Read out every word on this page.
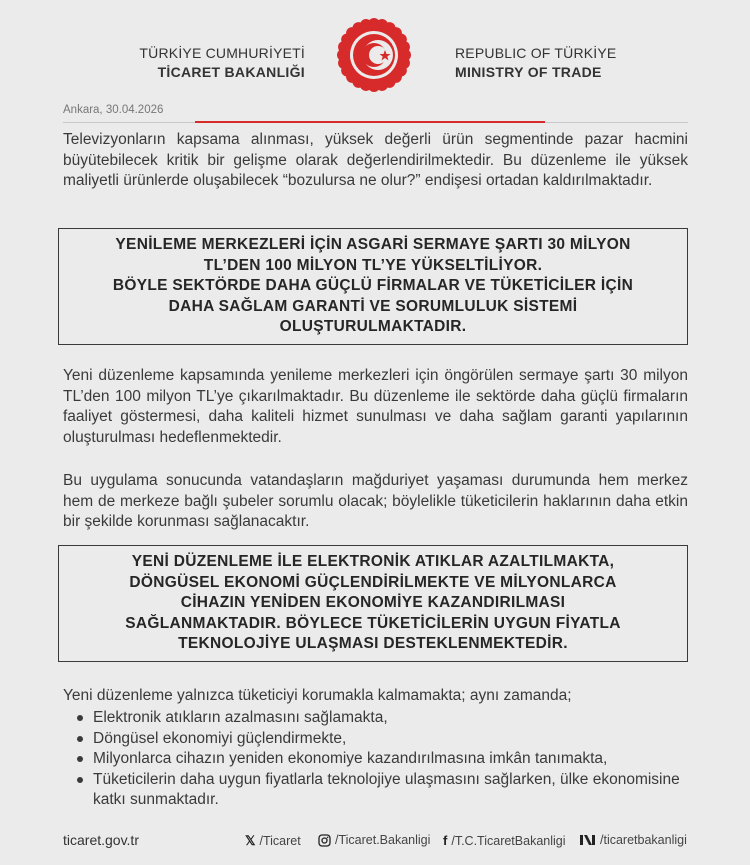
TÜRKİYE CUMHURİYETİ
TİCARET BAKANLIĞI
REPUBLIC OF TÜRKİYE
MINISTRY OF TRADE
Ankara, 30.04.2026
Televizyonların kapsama alınması, yüksek değerli ürün segmentinde pazar hacmini büyütebilecek kritik bir gelişme olarak değerlendirilmektedir. Bu düzenleme ile yüksek maliyetli ürünlerde oluşabilecek “bozulursa ne olur?” endişesi ortadan kaldırılmaktadır.
YENİLEME MERKEZLERİ İÇİN ASGARİ SERMAYE ŞARTI 30 MİLYON
TL’DEN 100 MİLYON TL’YE YÜKSELTİLİYOR.
BÖYLE SEKTÖRDE DAHA GÜÇLÜ FİRMALAR VE TÜKETİCİLER İÇİN
DAHA SAĞLAM GARANTİ VE SORUMLULUK SİSTEMİ
OLUŞTURULMAKTADIR.
Yeni düzenleme kapsamında yenileme merkezleri için öngörülen sermaye şartı 30 milyon TL’den 100 milyon TL’ye çıkarılmaktadır. Bu düzenleme ile sektörde daha güçlü firmaların faaliyet göstermesi, daha kaliteli hizmet sunulması ve daha sağlam garanti yapılarının oluşturulması hedeflenmektedir.
Bu uygulama sonucunda vatandaşların mağduriyet yaşaması durumunda hem merkez hem de merkeze bağlı şubeler sorumlu olacak; böylelikle tüketicilerin haklarının daha etkin bir şekilde korunması sağlanacaktır.
YENİ DÜZENLEME İLE ELEKTRONİK ATIKLAR AZALTILMAKTA,
DÖNGÜSEL EKONOMİ GÜÇLENDİRİLMEKTE VE MİLYONLARCA
CİHAZIN YENİDEN EKONOMİYE KAZANDIRILMASI
SAĞLANMAKTADIR. BÖYLECE TÜKETİCİLERİN UYGUN FİYATLA
TEKNOLOJİYE ULAŞMASI DESTEKLENMEKTEDİR.
Yeni düzenleme yalnızca tüketiciyi korumakla kalmamakta; aynı zamanda;
Elektronik atıkların azalmasını sağlamakta,
Döngüsel ekonomiyi güçlendirmekte,
Milyonlarca cihazın yeniden ekonomiye kazandırılmasına imkân tanımakta,
Tüketicilerin daha uygun fiyatlarla teknolojiye ulaşmasını sağlarken, ülke ekonomisine katkı sunmaktadır.
ticaret.gov.tr	𝕏 /Ticaret	/Ticaret.Bakanligi f /T.C.TicaretBakanligi	/ticaretbakanligi
